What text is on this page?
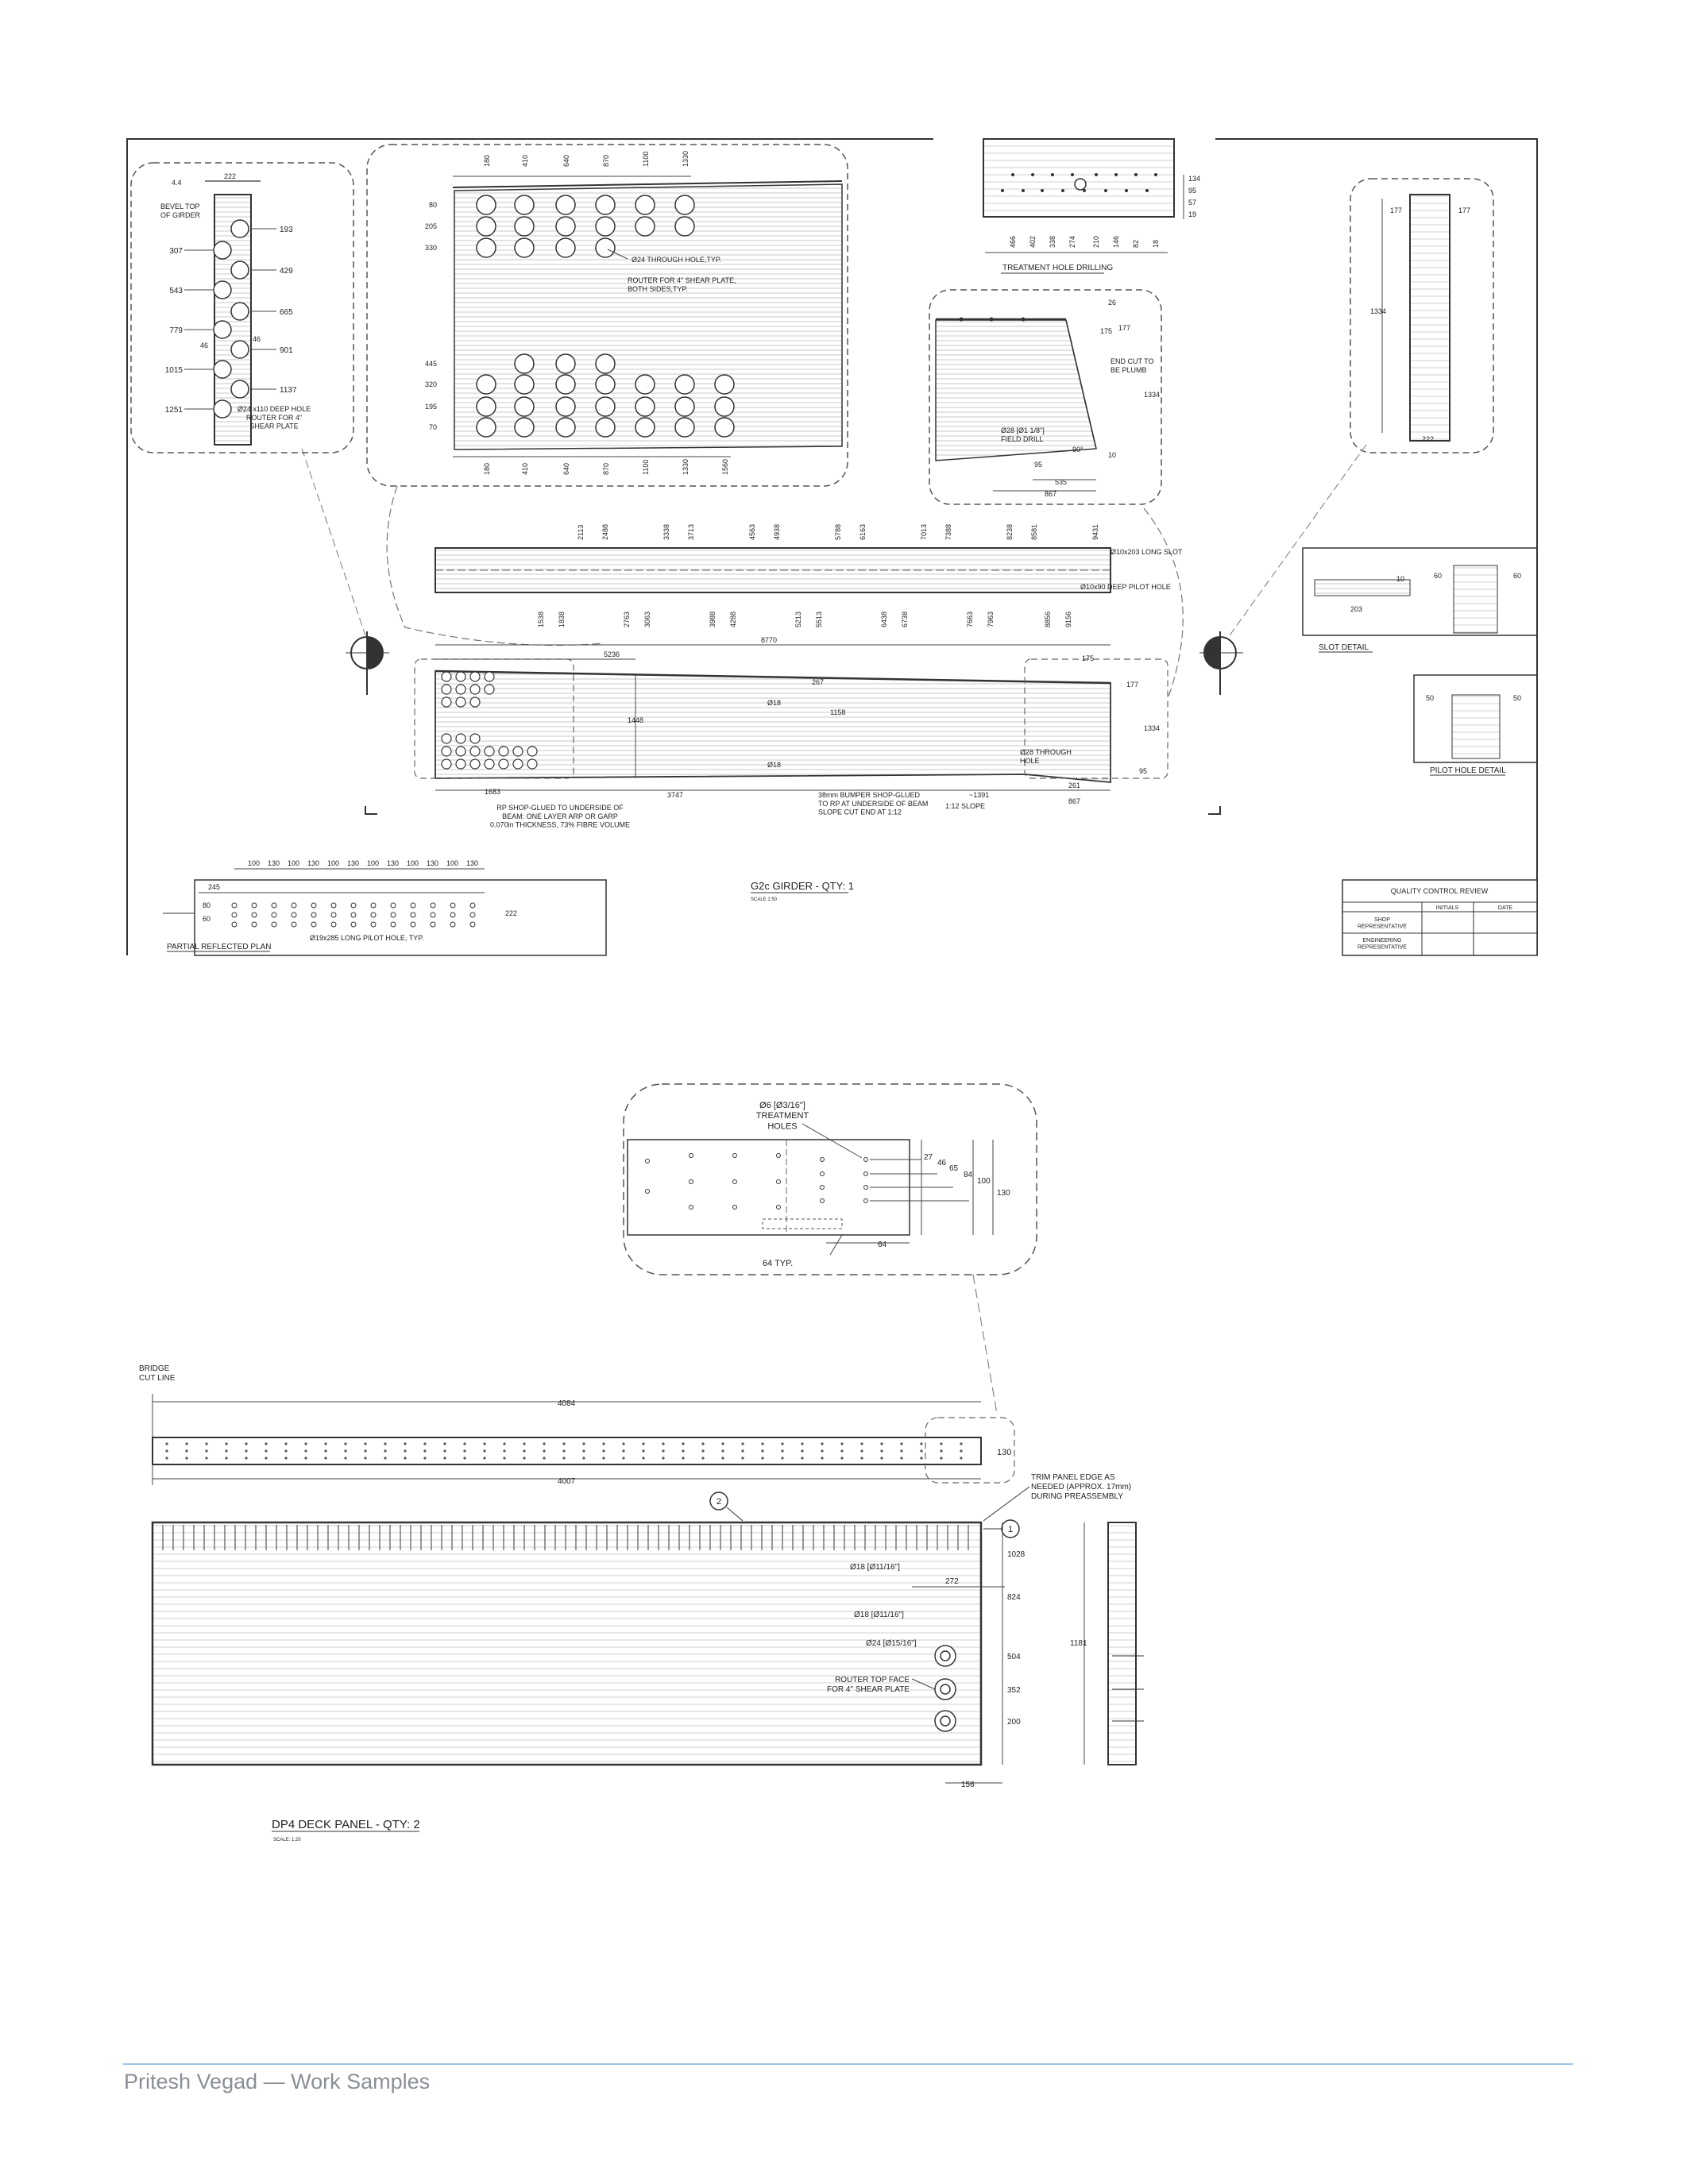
BEVEL TOP OF GIRDER
4.4
222
307
543
779
1015
1251
193
429
665
901
1137
46
46
Ø24 x110 DEEP HOLE ROUTER FOR 4" SHEAR PLATE
180	410	640	870	1100	1330
80
205
330
445
320
195
70
180	410	640	870	1100	1330	1560
Ø24 THROUGH HOLE,TYP.
ROUTER FOR 4" SHEAR PLATE, BOTH SIDES,TYP.
134
95
57
19
466 402 338 274 210 146 82 18
TREATMENT HOLE DRILLING
26
175 177
1334
10
95
535
867
END CUT TO BE PLUMB
Ø28 [Ø1 1/8"] FIELD DRILL
90°
177	177
1334
222
2113 2488	3338 3713	4563 4938	5788 6163	7013 7388	8238 8581	9431
1538 1838	2763 3063	3988 4288	5213 5513	6438 6738	7663 7963	8856 9156
Ø10x203 LONG SLOT
Ø10x90 DEEP PILOT HOLE
8770
5236	175
177
267
1158
1448
1334
261
867
95
1683	3747	~1391
Ø18
Ø18
Ø28 THROUGH HOLE
1:12 SLOPE
RP SHOP-GLUED TO UNDERSIDE OF BEAM: ONE LAYER ARP OR GARP 0.070in THICKNESS, 73% FIBRE VOLUME
38mm BUMPER SHOP-GLUED TO RP AT UNDERSIDE OF BEAM SLOPE CUT END AT 1:12
10
203
60	60
SLOT DETAIL
50	50
PILOT HOLE DETAIL
245
100 130 100 130 100 130 100 130 100 130 100 130
80
60
222
Ø19x285 LONG PILOT HOLE, TYP.
PARTIAL REFLECTED PLAN
G2c GIRDER - QTY: 1
SCALE 1:50
QUALITY CONTROL REVIEW
INITIALS	DATE
SHOP REPRESENTATIVE
ENGINEERING REPRESENTATIVE
Ø6 [Ø3/16"] TREATMENT HOLES
27
46
65
84
100
130
64
64 TYP.
BRIDGE CUT LINE
4084
130
4007
2
1
TRIM PANEL EDGE AS NEEDED (APPROX. 17mm) DURING PREASSEMBLY
Ø18 [Ø11/16"]
272
Ø18 [Ø11/16"]
Ø24 [Ø15/16"]
ROUTER TOP FACE FOR 4" SHEAR PLATE
1028
824
504
352
200
156
1181
DP4 DECK PANEL - QTY: 2
SCALE: 1:20
Pritesh Vegad — Work Samples
